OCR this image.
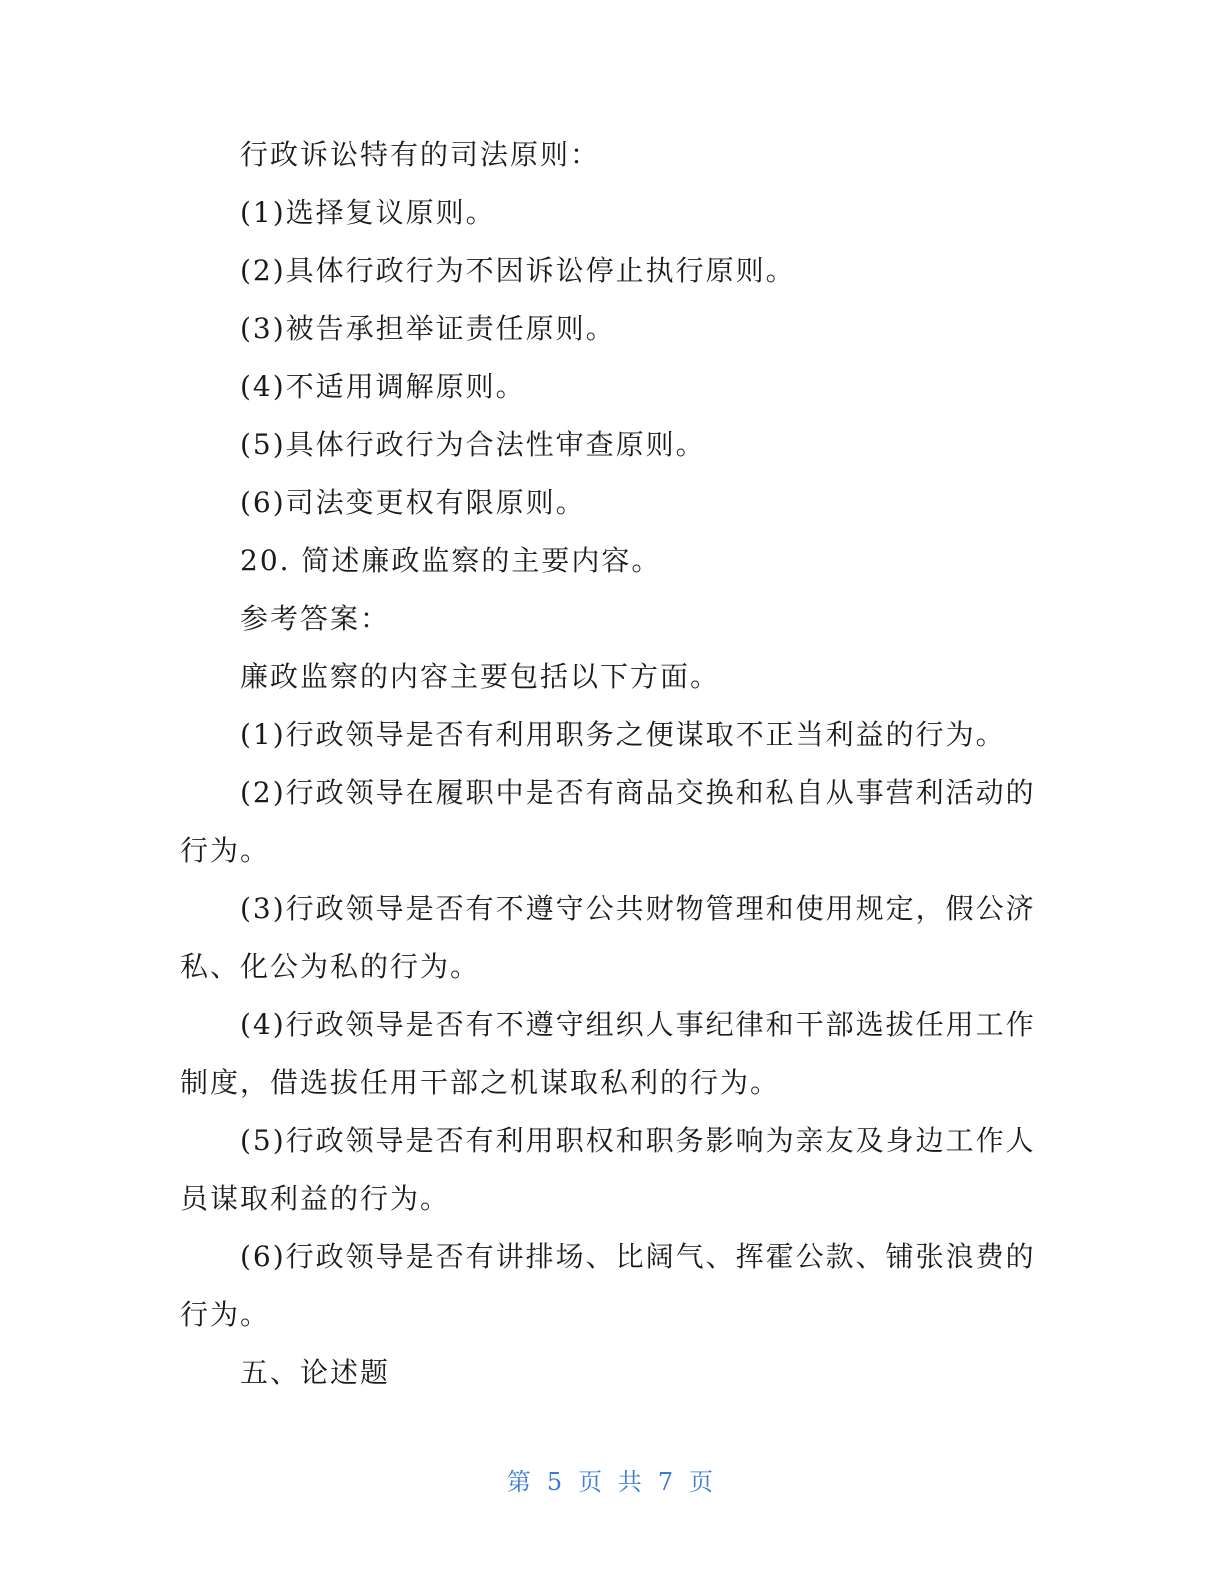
行政诉讼特有的司法原则：
(1)选择复议原则。
(2)具体行政行为不因诉讼停止执行原则。
(3)被告承担举证责任原则。
(4)不适用调解原则。
(5)具体行政行为合法性审查原则。
(6)司法变更权有限原则。
20. 简述廉政监察的主要内容。
参考答案：
廉政监察的内容主要包括以下方面。
(1)行政领导是否有利用职务之便谋取不正当利益的行为。
(2)行政领导在履职中是否有商品交换和私自从事营利活动的
行为。
(3)行政领导是否有不遵守公共财物管理和使用规定，假公济
私、化公为私的行为。
(4)行政领导是否有不遵守组织人事纪律和干部选拔任用工作
制度，借选拔任用干部之机谋取私利的行为。
(5)行政领导是否有利用职权和职务影响为亲友及身边工作人
员谋取利益的行为。
(6)行政领导是否有讲排场、比阔气、挥霍公款、铺张浪费的
行为。
五、论述题
第 5 页 共 7 页
